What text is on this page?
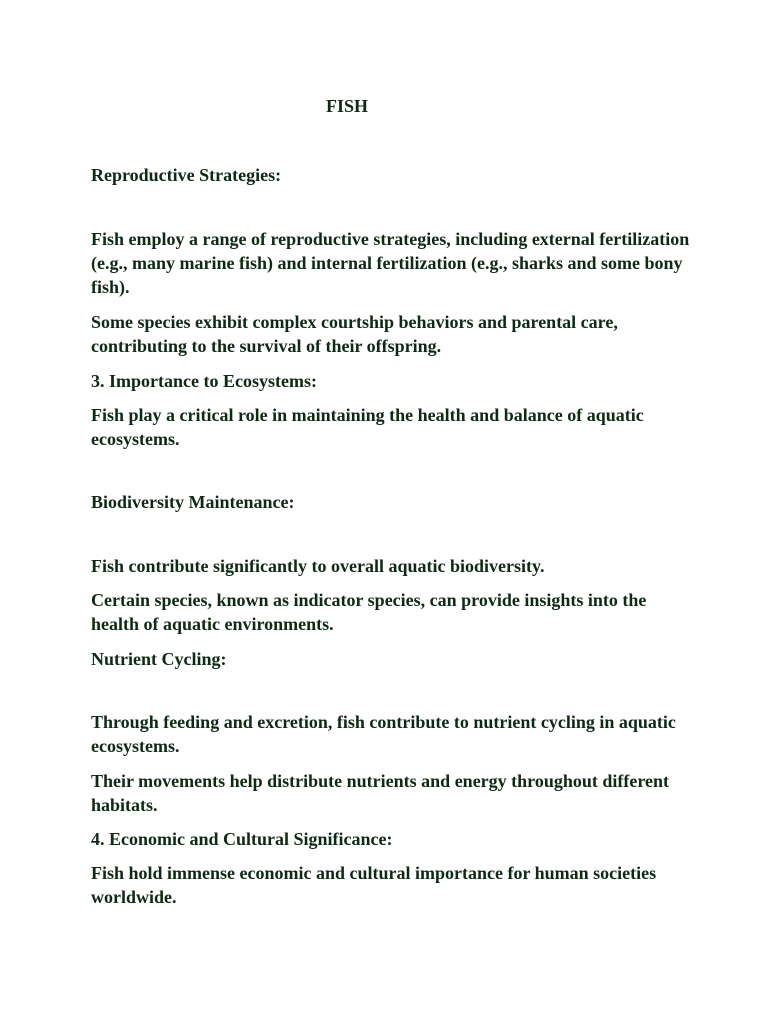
FISH

Reproductive Strategies:

Fish employ a range of reproductive strategies, including external fertilization (e.g., many marine fish) and internal fertilization (e.g., sharks and some bony fish).

Some species exhibit complex courtship behaviors and parental care, contributing to the survival of their offspring.

3. Importance to Ecosystems:

Fish play a critical role in maintaining the health and balance of aquatic ecosystems.

Biodiversity Maintenance:

Fish contribute significantly to overall aquatic biodiversity.

Certain species, known as indicator species, can provide insights into the health of aquatic environments.

Nutrient Cycling:

Through feeding and excretion, fish contribute to nutrient cycling in aquatic ecosystems.

Their movements help distribute nutrients and energy throughout different habitats.

4. Economic and Cultural Significance:

Fish hold immense economic and cultural importance for human societies worldwide.
